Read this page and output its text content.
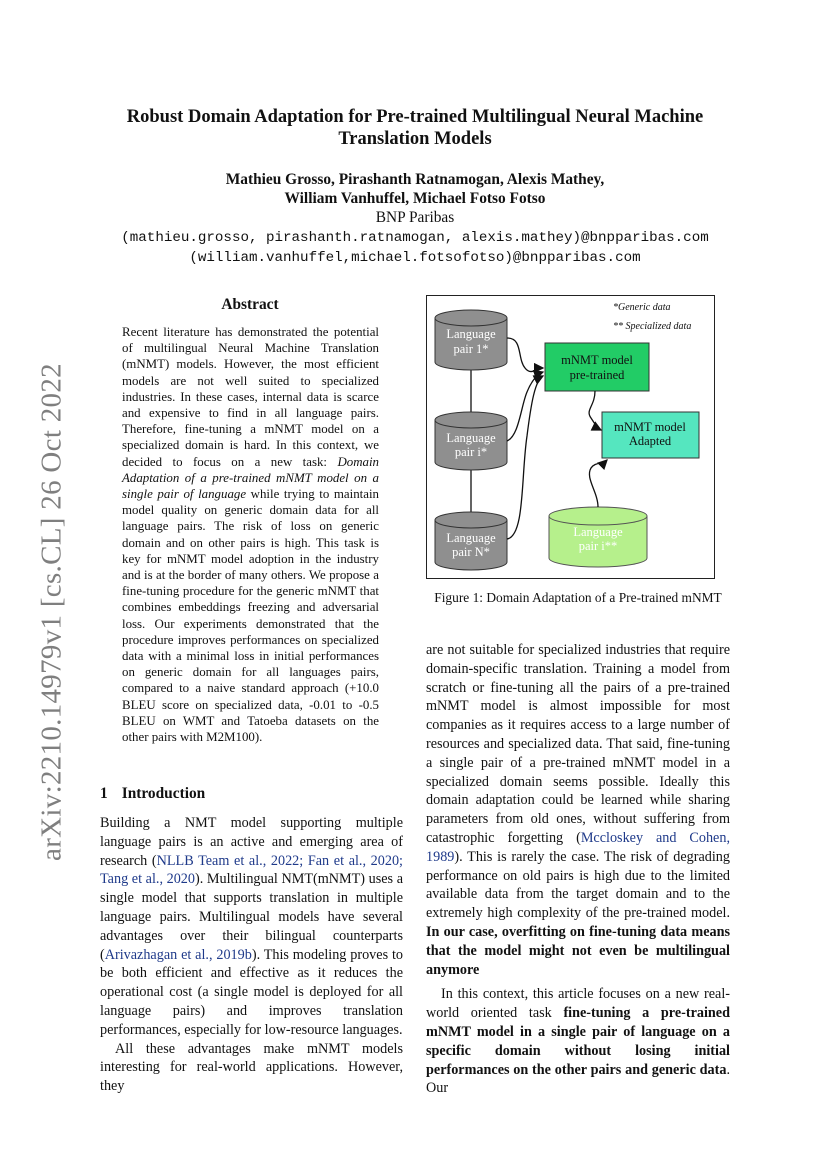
arXiv:2210.14979v1 [cs.CL] 26 Oct 2022
Robust Domain Adaptation for Pre-trained Multilingual Neural Machine Translation Models
Mathieu Grosso, Pirashanth Ratnamogan, Alexis Mathey,
William Vanhuffel, Michael Fotso Fotso
BNP Paribas
(mathieu.grosso, pirashanth.ratnamogan, alexis.mathey)@bnpparibas.com
(william.vanhuffel,michael.fotsofotso)@bnpparibas.com
Abstract
Recent literature has demonstrated the potential of multilingual Neural Machine Translation (mNMT) models. However, the most efficient models are not well suited to specialized industries. In these cases, internal data is scarce and expensive to find in all language pairs. Therefore, fine-tuning a mNMT model on a specialized domain is hard. In this context, we decided to focus on a new task: Domain Adaptation of a pre-trained mNMT model on a single pair of language while trying to maintain model quality on generic domain data for all language pairs. The risk of loss on generic domain and on other pairs is high. This task is key for mNMT model adoption in the industry and is at the border of many others. We propose a fine-tuning procedure for the generic mNMT that combines embeddings freezing and adversarial loss. Our experiments demonstrated that the procedure improves performances on specialized data with a minimal loss in initial performances on generic domain for all languages pairs, compared to a naive standard approach (+10.0 BLEU score on specialized data, -0.01 to -0.5 BLEU on WMT and Tatoeba datasets on the other pairs with M2M100).
1 Introduction

Building a NMT model supporting multiple language pairs is an active and emerging area of research (NLLB Team et al., 2022; Fan et al., 2020; Tang et al., 2020). Multilingual NMT(mNMT) uses a single model that supports translation in multiple language pairs. Multilingual models have several advantages over their bilingual counterparts (Arivazhagan et al., 2019b). This modeling proves to be both efficient and effective as it reduces the operational cost (a single model is deployed for all language pairs) and improves translation performances, especially for low-resource languages.

All these advantages make mNMT models interesting for real-world applications. However, they

Language
pair 1*
Language
pair i*
Language
pair N*
Language
pair i**
mNMT model
pre-trained
mNMT model
Adapted
*Generic data
** Specialized data
Figure 1: Domain Adaptation of a Pre-trained mNMT

are not suitable for specialized industries that require domain-specific translation. Training a model from scratch or fine-tuning all the pairs of a pre-trained mNMT model is almost impossible for most companies as it requires access to a large number of resources and specialized data. That said, fine-tuning a single pair of a pre-trained mNMT model in a specialized domain seems possible. Ideally this domain adaptation could be learned while sharing parameters from old ones, without suffering from catastrophic forgetting (Mccloskey and Cohen, 1989). This is rarely the case. The risk of degrading performance on old pairs is high due to the limited available data from the target domain and to the extremely high complexity of the pre-trained model. In our case, overfitting on fine-tuning data means that the model might not even be multilingual anymore

In this context, this article focuses on a new real-world oriented task fine-tuning a pre-trained mNMT model in a single pair of language on a specific domain without losing initial performances on the other pairs and generic data. Our
